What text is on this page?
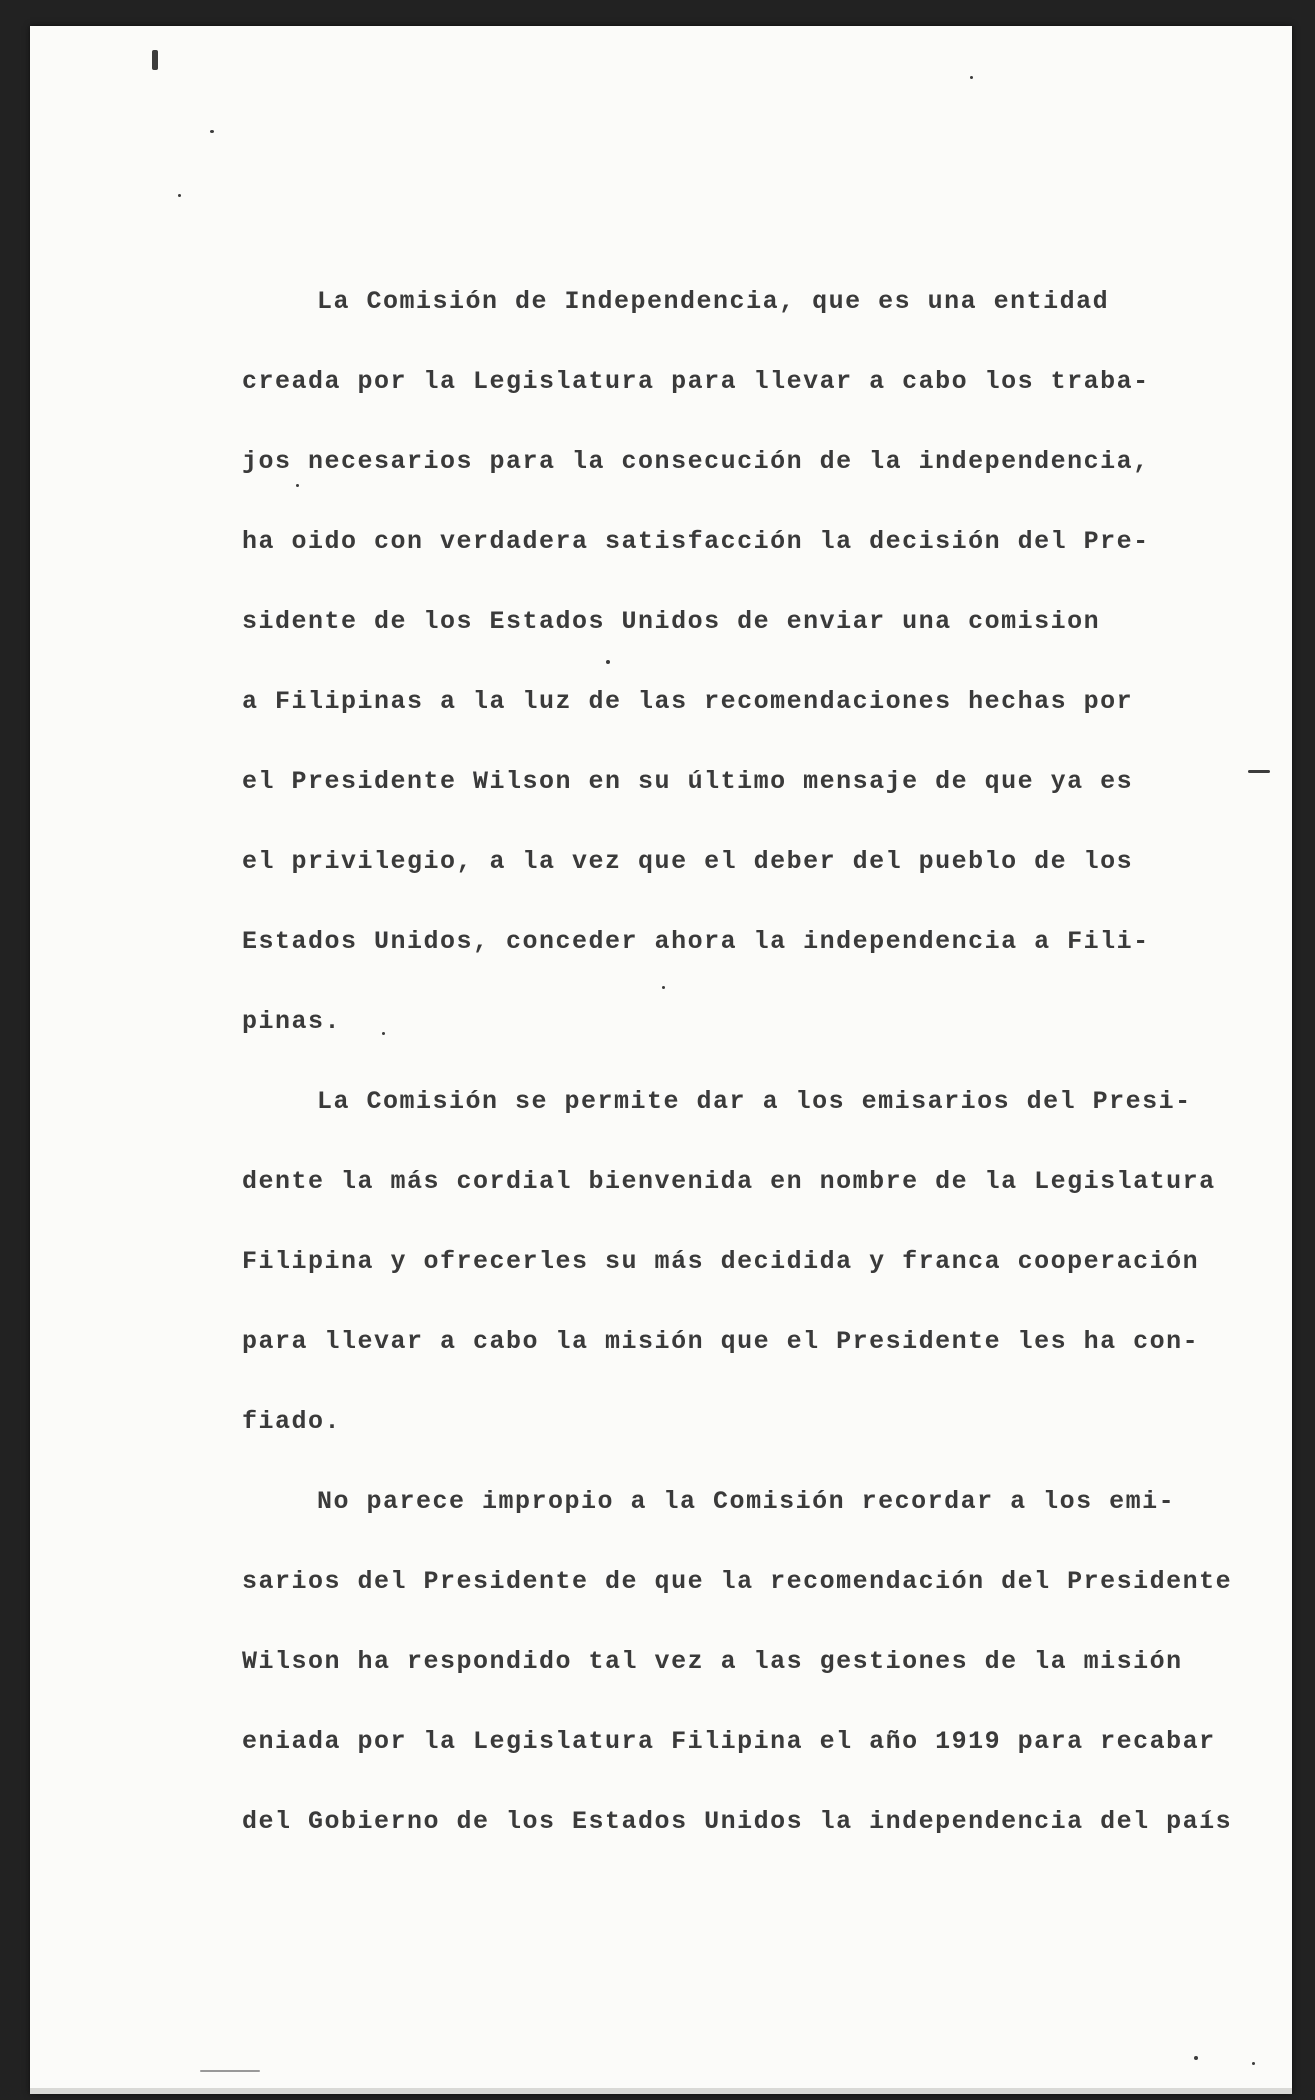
La Comisión de Independencia, que es una entidad
creada por la Legislatura para llevar a cabo los traba-
jos necesarios para la consecución de la independencia,
ha oido con verdadera satisfacción la decisión del Pre-
sidente de los Estados Unidos de enviar una comision
a Filipinas a la luz de las recomendaciones hechas por
el Presidente Wilson en su último mensaje de que ya es
el privilegio, a la vez que el deber del pueblo de los
Estados Unidos, conceder ahora la independencia a Fili-
pinas.
La Comisión se permite dar a los emisarios del Presi-
dente la más cordial bienvenida en nombre de la Legislatura
Filipina y ofrecerles su más decidida y franca cooperación
para llevar a cabo la misión que el Presidente les ha con-
fiado.
No parece impropio a la Comisión recordar a los emi-
sarios del Presidente de que la recomendación del Presidente
Wilson ha respondido tal vez a las gestiones de la misión
eniada por la Legislatura Filipina el año 1919 para recabar
del Gobierno de los Estados Unidos la independencia del país
